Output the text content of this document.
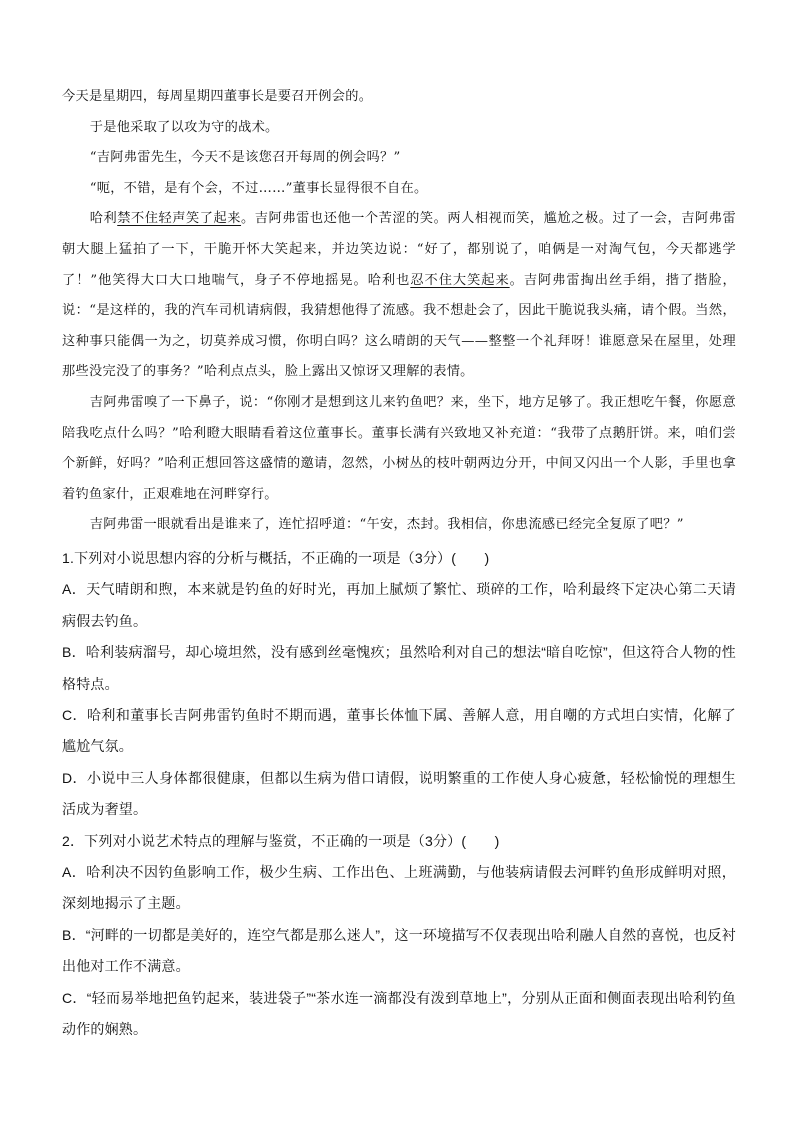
今天是星期四，每周星期四董事长是要召开例会的。

于是他采取了以攻为守的战术。

“吉阿弗雷先生，今天不是该您召开每周的例会吗？”

“呃，不错，是有个会，不过……”董事长显得很不自在。

哈利禁不住轻声笑了起来。吉阿弗雷也还他一个苦涩的笑。两人相视而笑，尴尬之极。过了一会，吉阿弗雷朝大腿上猛拍了一下，干脆开怀大笑起来，并边笑边说：“好了，都别说了，咱俩是一对淘气包，今天都逃学了！”他笑得大口大口地喘气，身子不停地摇晃。哈利也忍不住大笑起来。吉阿弗雷掏出丝手绢，揩了揩脸，说：“是这样的，我的汽车司机请病假，我猜想他得了流感。我不想赴会了，因此干脆说我头痛，请个假。当然，这种事只能偶一为之，切莫养成习惯，你明白吗？这么晴朗的天气——整整一个礼拜呀！谁愿意呆在屋里，处理那些没完没了的事务？”哈利点点头，脸上露出又惊讶又理解的表情。

吉阿弗雷嗅了一下鼻子，说：“你刚才是想到这儿来钓鱼吧？来，坐下，地方足够了。我正想吃午餐，你愿意陪我吃点什么吗？”哈利瞪大眼睛看着这位董事长。董事长满有兴致地又补充道：“我带了点鹅肝饼。来，咱们尝个新鲜，好吗？”哈利正想回答这盛情的邀请，忽然，小树丛的枝叶朝两边分开，中间又闪出一个人影，手里也拿着钓鱼家什，正艰难地在河畔穿行。

吉阿弗雷一眼就看出是谁来了，连忙招呼道：“午安，杰封。我相信，你患流感已经完全复原了吧？”

1.下列对小说思想内容的分析与概括，不正确的一项是（3分）(　　)

A．天气晴朗和煦，本来就是钓鱼的好时光，再加上腻烦了繁忙、琐碎的工作，哈利最终下定决心第二天请病假去钓鱼。

B．哈利装病溜号，却心境坦然，没有感到丝毫愧疚；虽然哈利对自己的想法“暗自吃惊”，但这符合人物的性格特点。

C．哈利和董事长吉阿弗雷钓鱼时不期而遇，董事长体恤下属、善解人意，用自嘲的方式坦白实情，化解了尴尬气氛。

D．小说中三人身体都很健康，但都以生病为借口请假，说明繁重的工作使人身心疲惫，轻松愉悦的理想生活成为奢望。

2．下列对小说艺术特点的理解与鉴赏，不正确的一项是（3分）(　　)

A．哈利决不因钓鱼影响工作，极少生病、工作出色、上班满勤，与他装病请假去河畔钓鱼形成鲜明对照，深刻地揭示了主题。

B．“河畔的一切都是美好的，连空气都是那么迷人”，这一环境描写不仅表现出哈利融人自然的喜悦，也反衬出他对工作不满意。

C．“轻而易举地把鱼钓起来，装进袋子”“茶水连一滴都没有泼到草地上”，分别从正面和侧面表现出哈利钓鱼动作的娴熟。
